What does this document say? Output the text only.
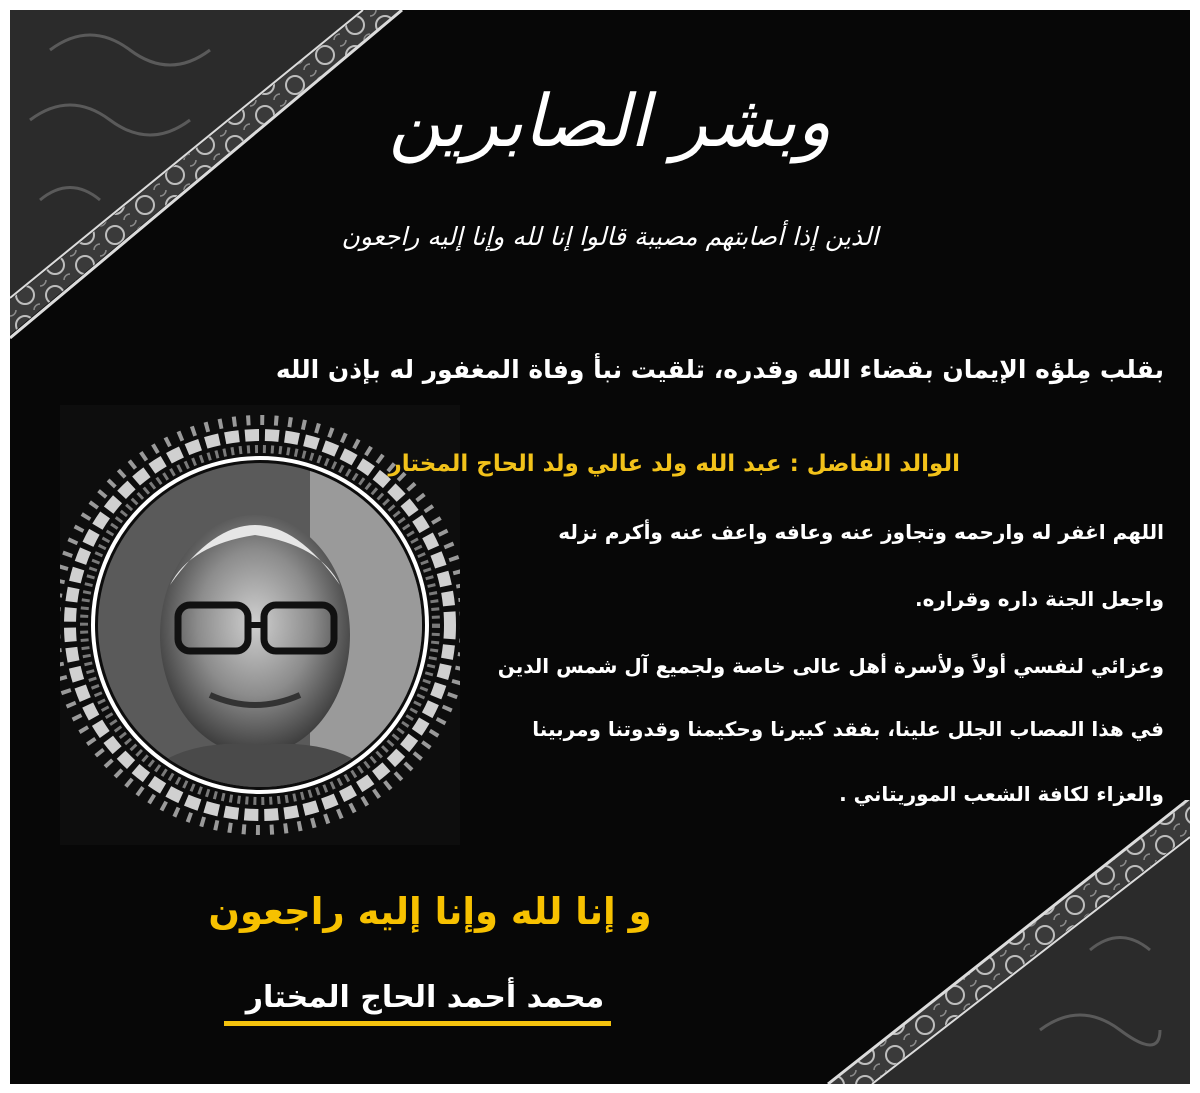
وبشر الصابرين
الذين إذا أصابتهم مصيبة قالوا إنا لله وإنا إليه راجعون
بقلب مِلؤه الإيمان بقضاء الله وقدره، تلقيت نبأ وفاة المغفور له بإذن الله
الوالد الفاضل : عبد الله ولد عالي ولد الحاج المختار
اللهم اغفر له وارحمه وتجاوز عنه وعافه واعف عنه وأكرم نزله
واجعل الجنة داره وقراره.
وعزائي لنفسي أولاً ولأسرة أهل عالى خاصة ولجميع آل شمس الدين
في هذا المصاب الجلل علينا، بفقد كبيرنا وحكيمنا وقدوتنا ومربينا
والعزاء لكافة الشعب الموريتاني .
و إنا لله وإنا إليه راجعون
محمد أحمد الحاج المختار
